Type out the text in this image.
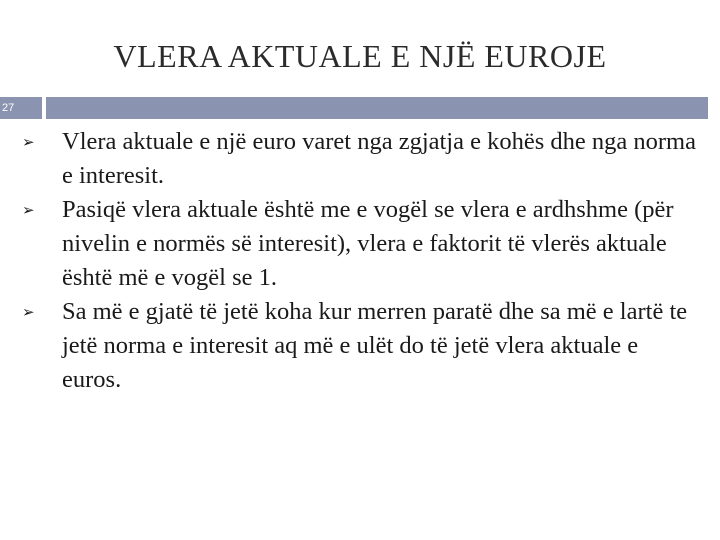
VLERA AKTUALE E NJË EUROJE
27
➢	Vlera aktuale e një euro varet nga zgjatja e kohës dhe nga norma e interesit.
➢	Pasiqë vlera aktuale është me e vogël se vlera e ardhshme (për nivelin e normës së interesit), vlera e faktorit të vlerës aktuale është më e vogël se 1.
➢	Sa më e gjatë të jetë koha kur merren paratë dhe sa më e lartë te jetë norma e interesit aq më e ulët do të jetë vlera aktuale e euros.
